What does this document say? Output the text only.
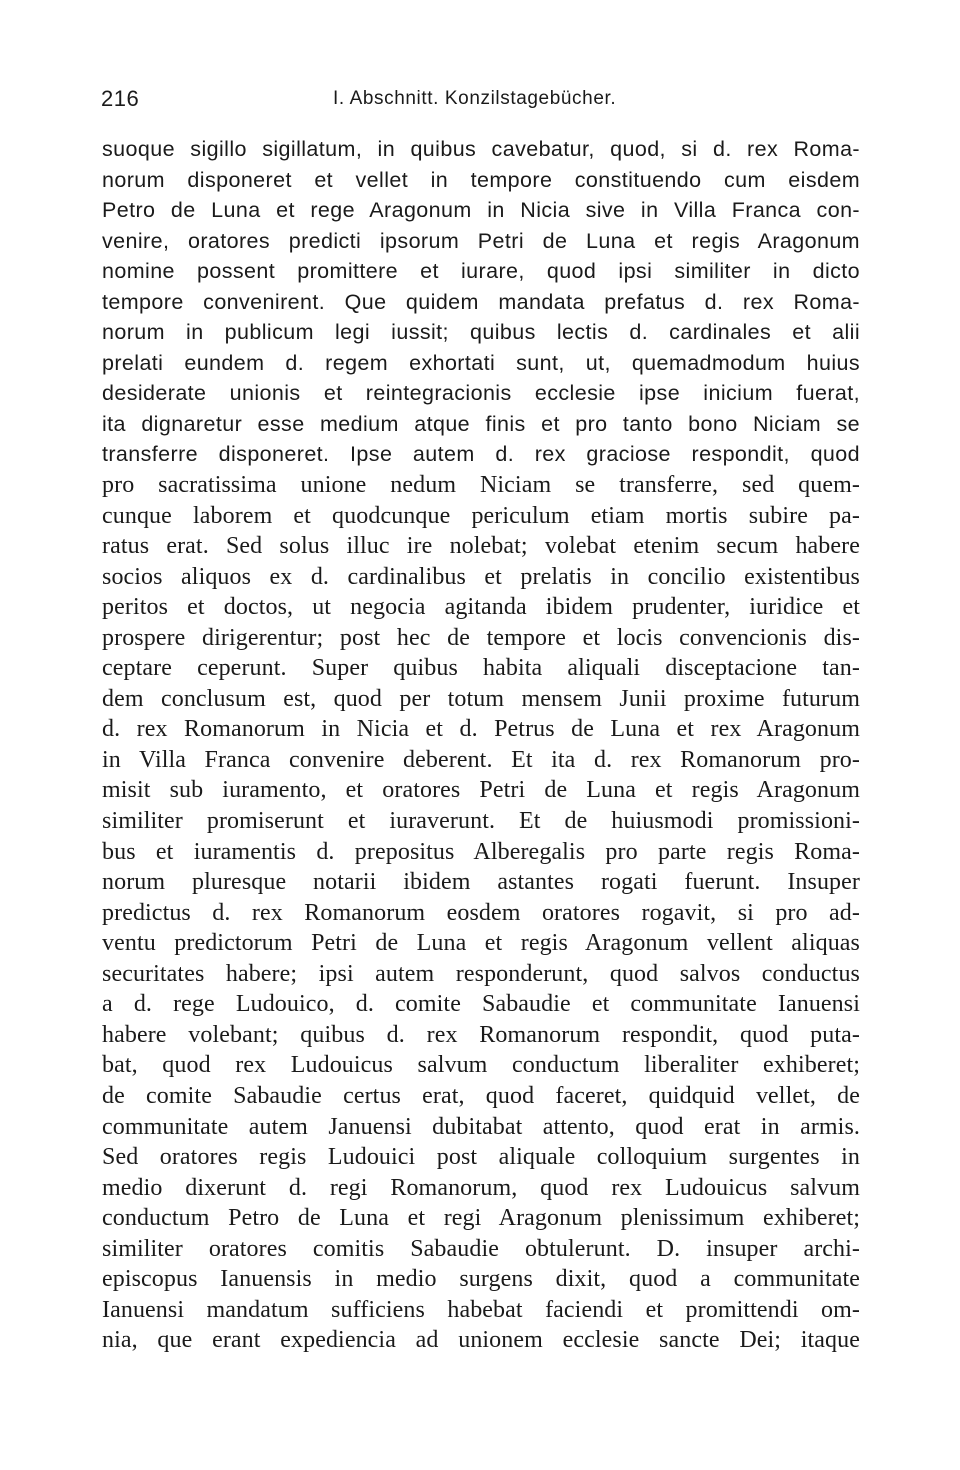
216	I. Abschnitt. Konzilstagebücher.
suoque sigillo sigillatum, in quibus cavebatur, quod, si d. rex Roma-
norum disponeret et vellet in tempore constituendo cum eisdem
Petro de Luna et rege Aragonum in Nicia sive in Villa Franca con-
venire, oratores predicti ipsorum Petri de Luna et regis Aragonum
nomine possent promittere et iurare, quod ipsi similiter in dicto
tempore convenirent. Que quidem mandata prefatus d. rex Roma-
norum in publicum legi iussit; quibus lectis d. cardinales et alii
prelati eundem d. regem exhortati sunt, ut, quemadmodum huius
desiderate unionis et reintegracionis ecclesie ipse inicium fuerat,
ita dignaretur esse medium atque finis et pro tanto bono Niciam se
transferre disponeret. Ipse autem d. rex graciose respondit, quod
pro sacratissima unione nedum Niciam se transferre, sed quem-
cunque laborem et quodcunque periculum etiam mortis subire pa-
ratus erat. Sed solus illuc ire nolebat; volebat etenim secum habere
socios aliquos ex d. cardinalibus et prelatis in concilio existentibus
peritos et doctos, ut negocia agitanda ibidem prudenter, iuridice et
prospere dirigerentur; post hec de tempore et locis convencionis dis-
ceptare ceperunt. Super quibus habita aliquali disceptacione tan-
dem conclusum est, quod per totum mensem Junii proxime futurum
d. rex Romanorum in Nicia et d. Petrus de Luna et rex Aragonum
in Villa Franca convenire deberent. Et ita d. rex Romanorum pro-
misit sub iuramento, et oratores Petri de Luna et regis Aragonum
similiter promiserunt et iuraverunt. Et de huiusmodi promissioni-
bus et iuramentis d. prepositus Alberegalis pro parte regis Roma-
norum pluresque notarii ibidem astantes rogati fuerunt. Insuper
predictus d. rex Romanorum eosdem oratores rogavit, si pro ad-
ventu predictorum Petri de Luna et regis Aragonum vellent aliquas
securitates habere; ipsi autem responderunt, quod salvos conductus
a d. rege Ludouico, d. comite Sabaudie et communitate Ianuensi
habere volebant; quibus d. rex Romanorum respondit, quod puta-
bat, quod rex Ludouicus salvum conductum liberaliter exhiberet;
de comite Sabaudie certus erat, quod faceret, quidquid vellet, de
communitate autem Januensi dubitabat attento, quod erat in armis.
Sed oratores regis Ludouici post aliquale colloquium surgentes in
medio dixerunt d. regi Romanorum, quod rex Ludouicus salvum
conductum Petro de Luna et regi Aragonum plenissimum exhiberet;
similiter oratores comitis Sabaudie obtulerunt. D. insuper archi-
episcopus Ianuensis in medio surgens dixit, quod a communitate
Ianuensi mandatum sufficiens habebat faciendi et promittendi om-
nia, que erant expediencia ad unionem ecclesie sancte Dei; itaque
